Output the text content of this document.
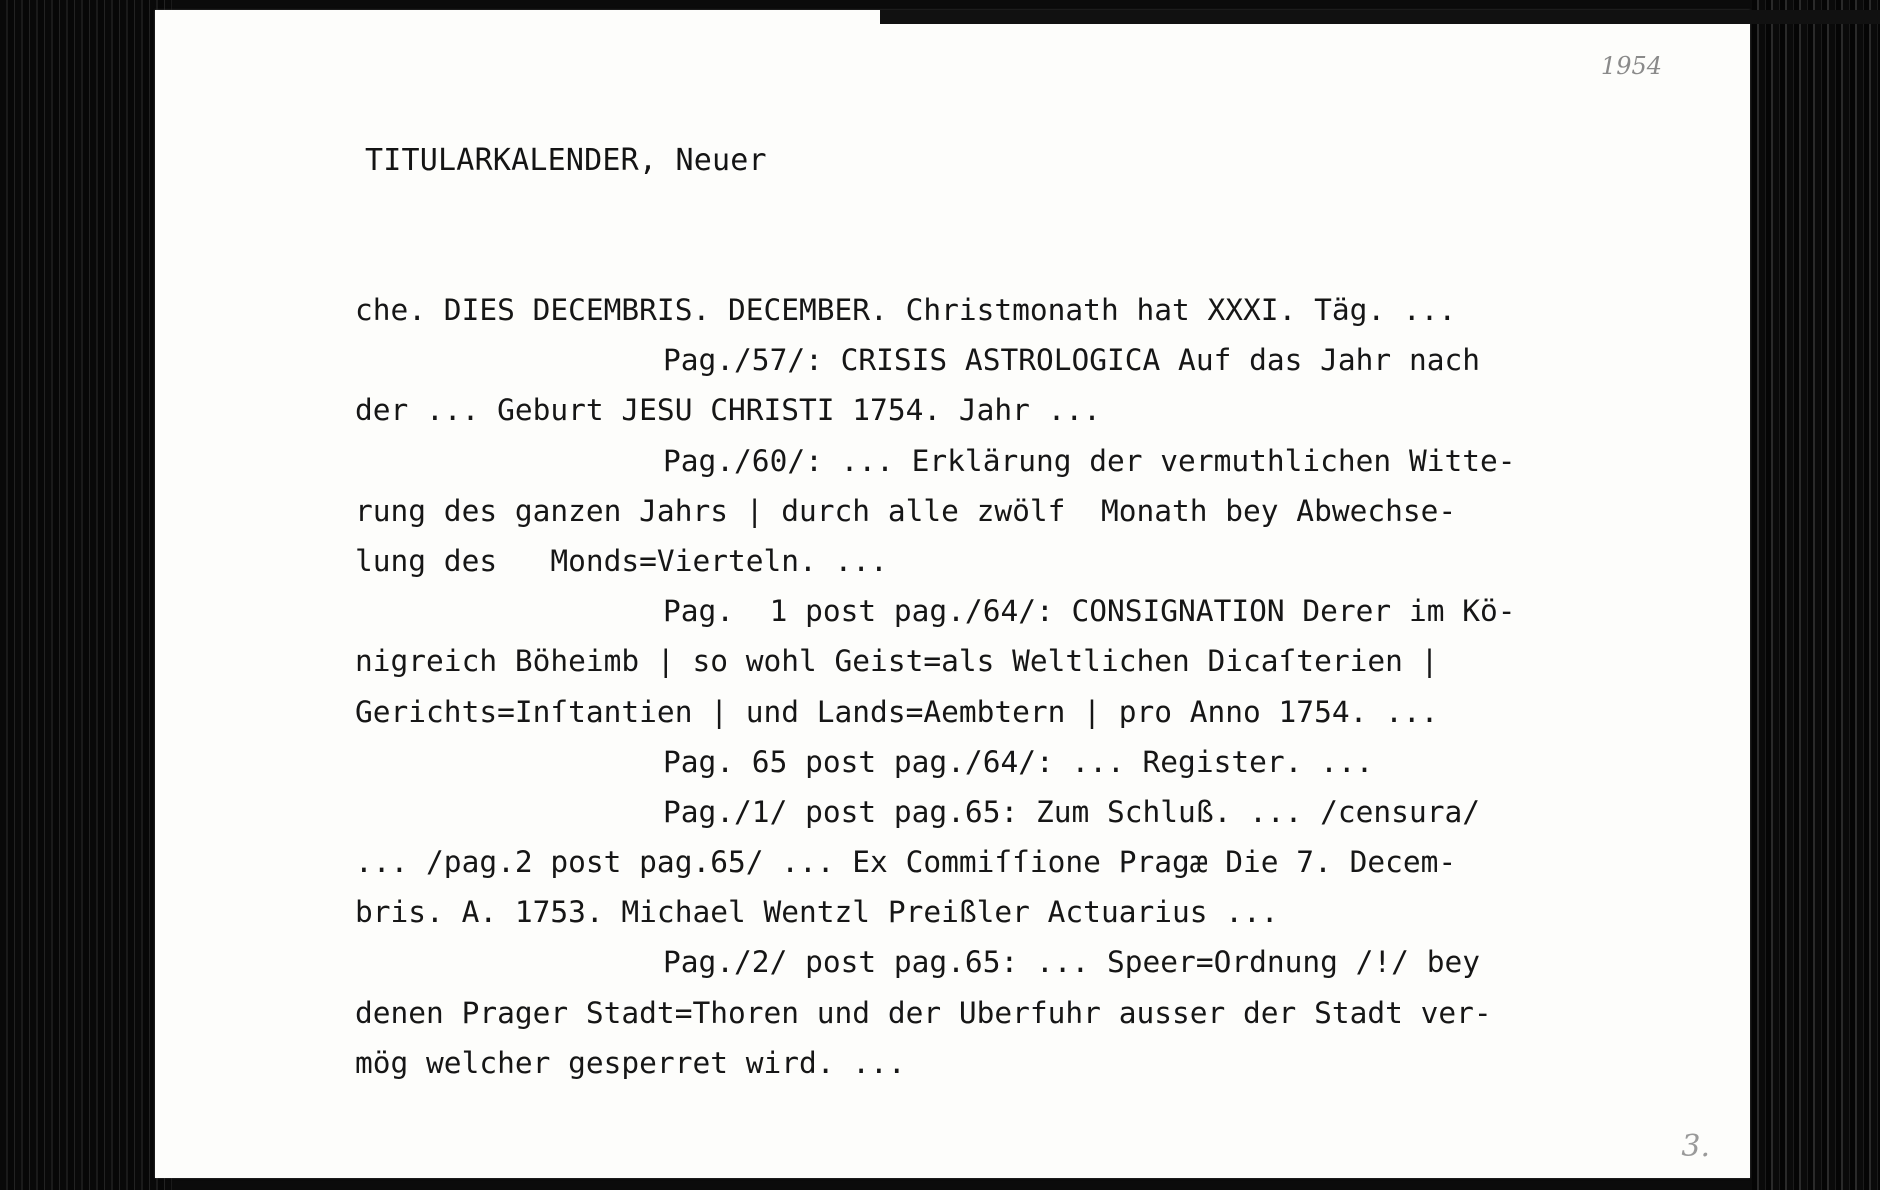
1954
TITULARKALENDER, Neuer
che. DIES DECEMBRIS. DECEMBER. Christmonath hat XXXI. Täg. ...
Pag./57/: CRISIS ASTROLOGICA Auf das Jahr nach
der ... Geburt JESU CHRISTI 1754. Jahr ...
Pag./60/: ... Erklärung der vermuthlichen Witte-
rung des ganzen Jahrs | durch alle zwölf  Monath bey Abwechse-
lung des   Monds=Vierteln. ...
Pag.  1 post pag./64/: CONSIGNATION Derer im Kö-
nigreich Böheimb | so wohl Geist=als Weltlichen Dicaſterien |
Gerichts=Inſtantien | und Lands=Aembtern | pro Anno 1754. ...
Pag. 65 post pag./64/: ... Register. ...
Pag./1/ post pag.65: Zum Schluß. ... /censura/
... /pag.2 post pag.65/ ... Ex Commiſſione Pragæ Die 7. Decem-
bris. A. 1753. Michael Wentzl Preißler Actuarius ...
Pag./2/ post pag.65: ... Speer=Ordnung /!/ bey
denen Prager Stadt=Thoren und der Uberfuhr ausser der Stadt ver-
mög welcher gesperret wird. ...
3.
